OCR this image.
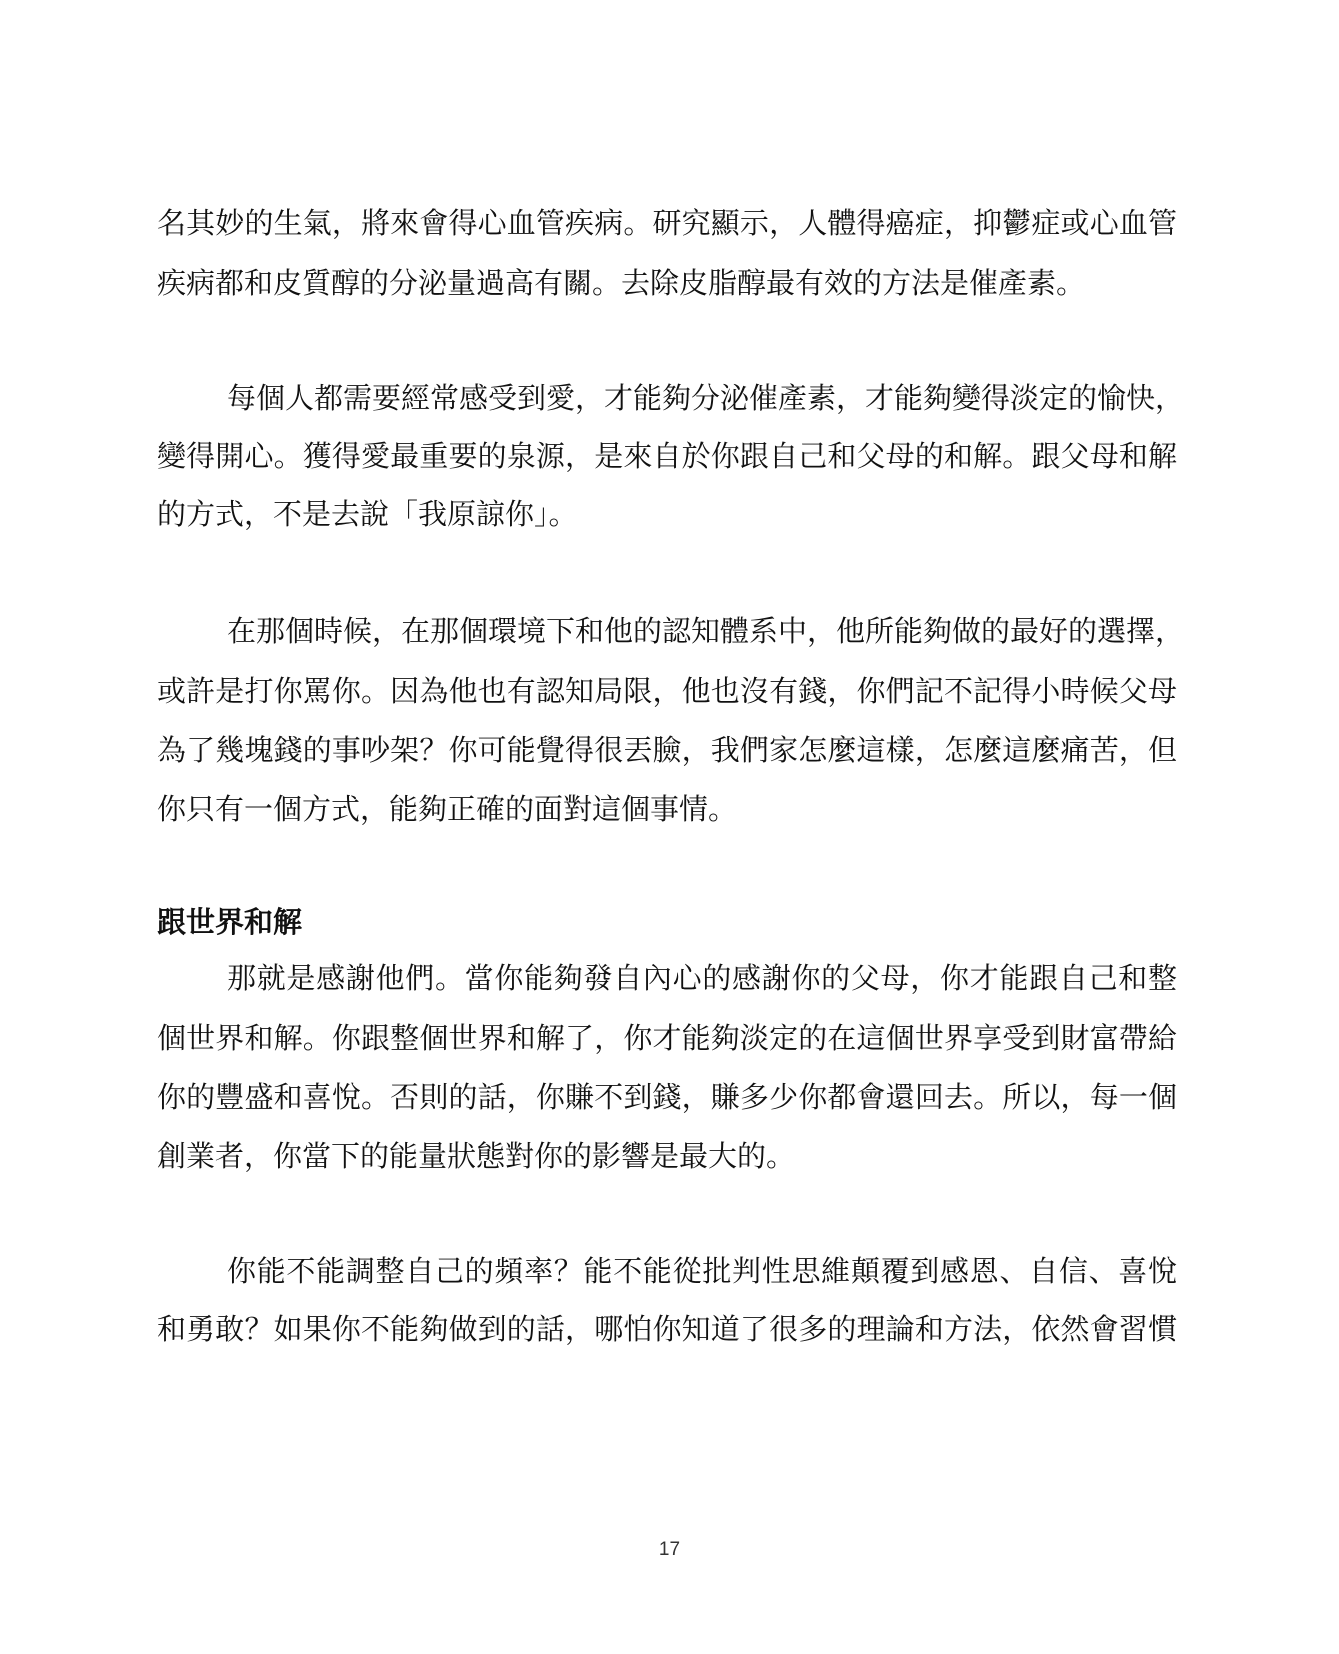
名其妙的生氣，將來會得心血管疾病。研究顯示，人體得癌症，抑鬱症或心血管
疾病都和皮質醇的分泌量過高有關。去除皮脂醇最有效的方法是催產素。
每個人都需要經常感受到愛，才能夠分泌催產素，才能夠變得淡定的愉快，
變得開心。獲得愛最重要的泉源，是來自於你跟自己和父母的和解。跟父母和解
的方式，不是去說「我原諒你」。
在那個時候，在那個環境下和他的認知體系中，他所能夠做的最好的選擇，
或許是打你罵你。因為他也有認知局限，他也沒有錢，你們記不記得小時候父母
為了幾塊錢的事吵架？你可能覺得很丟臉，我們家怎麼這樣，怎麼這麼痛苦，但
你只有一個方式，能夠正確的面對這個事情。
跟世界和解
那就是感謝他們。當你能夠發自內心的感謝你的父母，你才能跟自己和整
個世界和解。你跟整個世界和解了，你才能夠淡定的在這個世界享受到財富帶給
你的豐盛和喜悅。否則的話，你賺不到錢，賺多少你都會還回去。所以，每一個
創業者，你當下的能量狀態對你的影響是最大的。
你能不能調整自己的頻率？能不能從批判性思維顛覆到感恩、自信、喜悅
和勇敢？如果你不能夠做到的話，哪怕你知道了很多的理論和方法，依然會習慣
17
